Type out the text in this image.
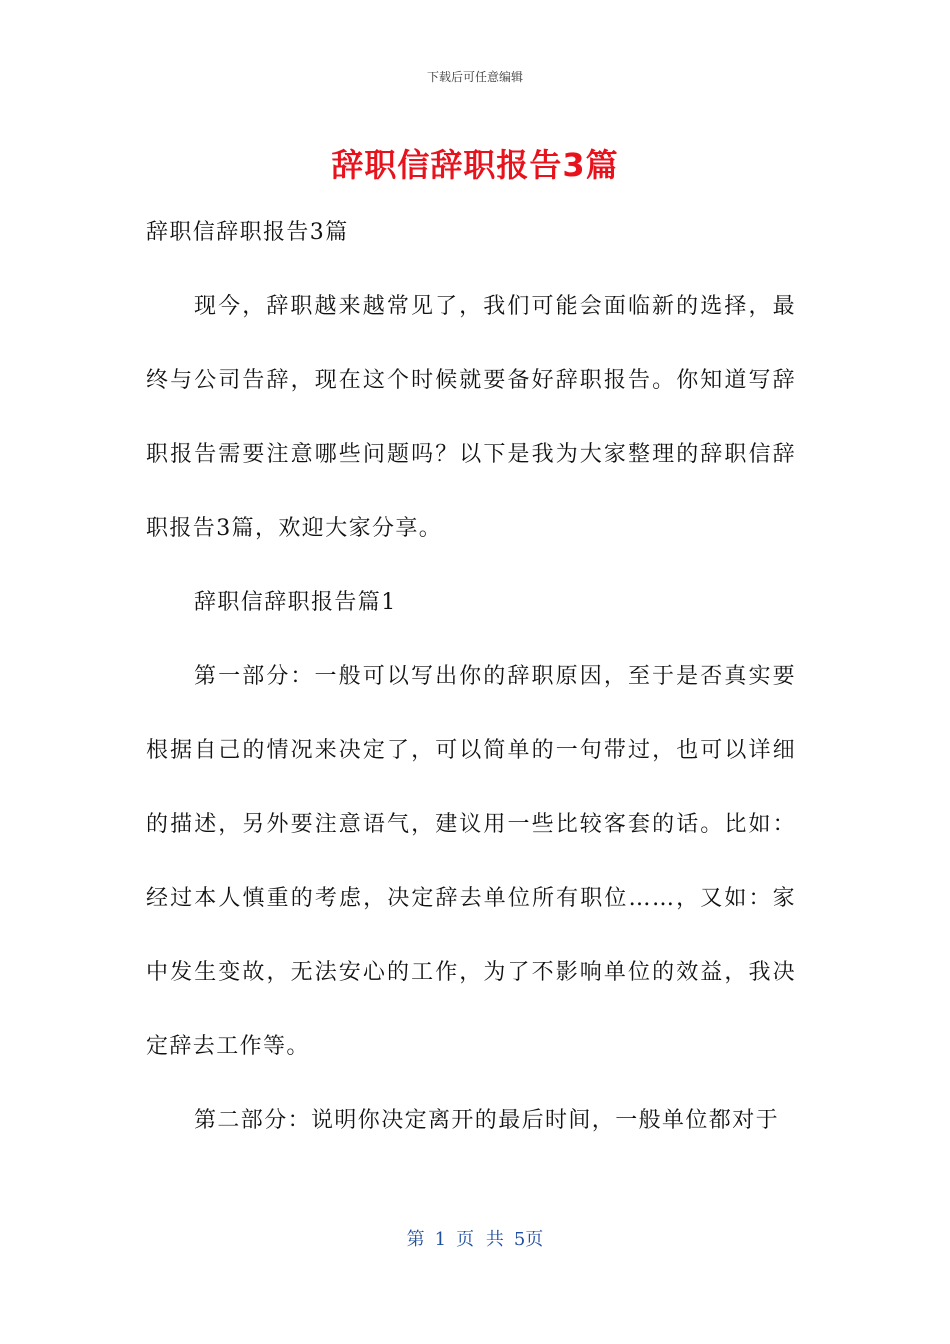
下载后可任意编辑
辞职信辞职报告3篇

辞职信辞职报告3篇

现今，辞职越来越常见了，我们可能会面临新的选择，最终与公司告辞，现在这个时候就要备好辞职报告。你知道写辞职报告需要注意哪些问题吗？以下是我为大家整理的辞职信辞职报告3篇，欢迎大家分享。

辞职信辞职报告篇1

第一部分：一般可以写出你的辞职原因，至于是否真实要根据自己的情况来决定了，可以简单的一句带过，也可以详细的描述，另外要注意语气，建议用一些比较客套的话。比如：经过本人慎重的考虑，决定辞去单位所有职位……，又如：家中发生变故，无法安心的工作，为了不影响单位的效益，我决定辞去工作等。

第二部分：说明你决定离开的最后时间，一般单位都对于

第 1 页 共 5页
